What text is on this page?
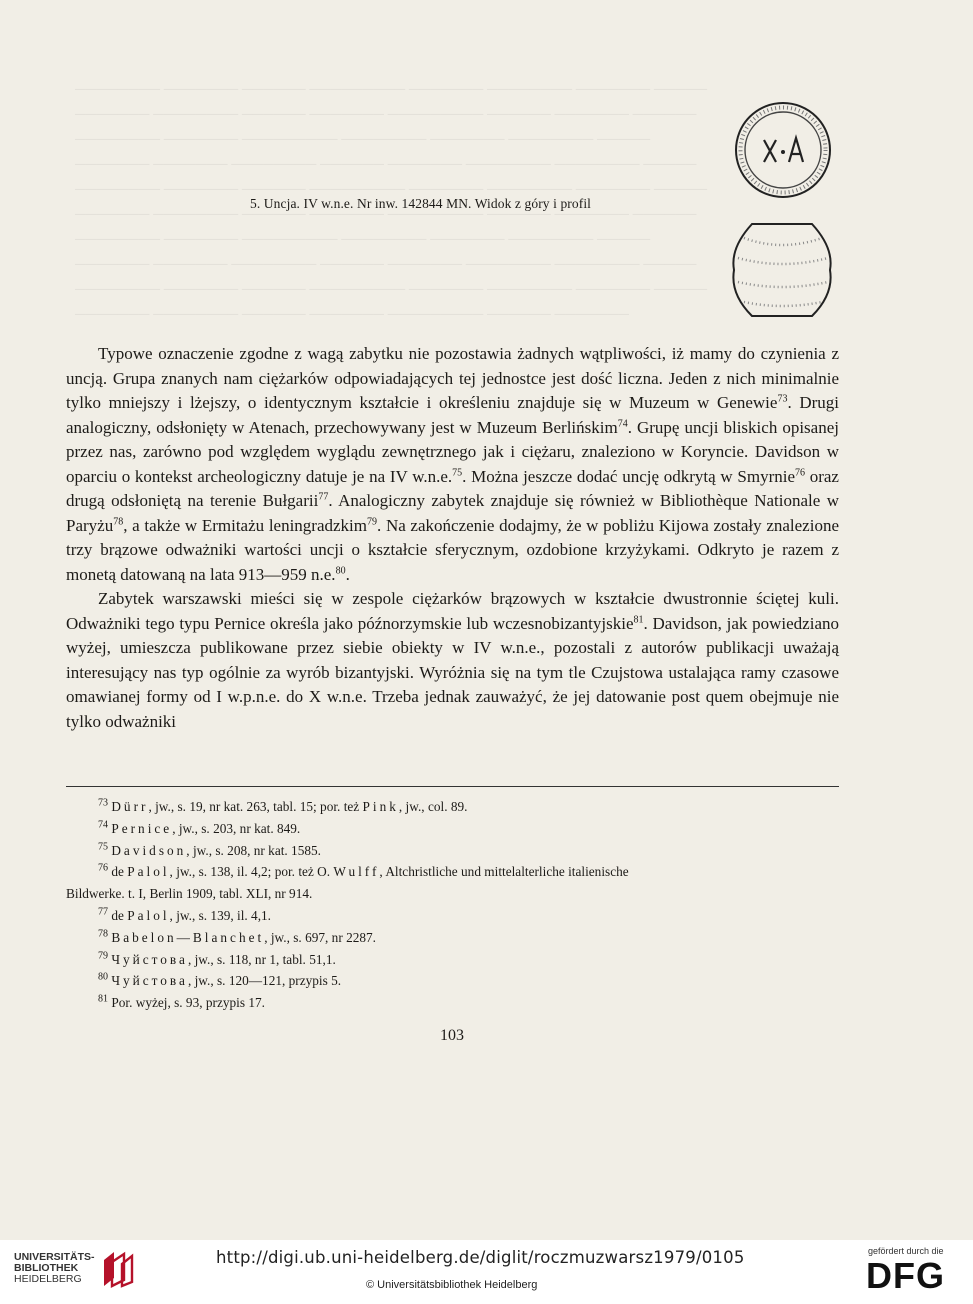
──────── ─────── ────── ───────── ─────── ──────── ─────── ─────
─────── ──────── ────── ─────── ───────── ────── ─────── ──────
──────── ─────── ───────── ──────── ─────── ──────── ─────
─────── ─────── ──────── ────── ─────── ──────── ──────── ─────
──────── ─────── ────── ───────── ─────── ──────── ─────── ─────
─────── ──────── ────── ─────── ───────── ────── ─────── ──────
──────── ─────── ───────── ──────── ─────── ──────── ─────
─────── ─────── ──────── ────── ─────── ──────── ──────── ─────
──────── ─────── ────── ───────── ─────── ──────── ─────── ─────
─────── ──────── ────── ─────── ───────── ────── ───────
5. Uncja. IV w.n.e. Nr inw. 142844 MN. Widok z góry i profil

Typowe oznaczenie zgodne z wagą zabytku nie pozostawia żadnych wątpliwości, iż mamy do czynienia z uncją. Grupa znanych nam ciężarków odpowiadających tej jednostce jest dość liczna. Jeden z nich minimalnie tylko mniejszy i lżejszy, o identycznym kształcie i określeniu znajduje się w Muzeum w Genewie$^{73}$. Drugi analogiczny, odsłonięty w Atenach, przechowywany jest w Muzeum Berlińskim$^{74}$. Grupę uncji bliskich opisanej przez nas, zarówno pod względem wyglądu zewnętrznego jak i ciężaru, znaleziono w Koryncie. Davidson w oparciu o kontekst archeologiczny datuje je na IV w.n.e.$^{75}$. Można jeszcze dodać uncję odkrytą w Smyrnie$^{76}$ oraz drugą odsłoniętą na terenie Bułgarii$^{77}$. Analogiczny zabytek znajduje się również w Bibliothèque Nationale w Paryżu$^{78}$, a także w Ermitażu leningradzkim$^{79}$. Na zakończenie dodajmy, że w pobliżu Kijowa zostały znalezione trzy brązowe odważniki wartości uncji o kształcie sferycznym, ozdobione krzyżykami. Odkryto je razem z monetą datowaną na lata 913—959 n.e.$^{80}$.

Zabytek warszawski mieści się w zespole ciężarków brązowych w kształcie dwustronnie ściętej kuli. Odważniki tego typu Pernice określa jako późnorzymskie lub wczesnobizantyjskie$^{81}$. Davidson, jak powiedziano wyżej, umieszcza publikowane przez siebie obiekty w IV w.n.e., pozostali z autorów publikacji uważają interesujący nas typ ogólnie za wyrób bizantyjski. Wyróżnia się na tym tle Czujstowa ustalająca ramy czasowe omawianej formy od I w.p.n.e. do X w.n.e. Trzeba jednak zauważyć, że jej datowanie post quem obejmuje nie tylko odważniki

$^{73}$ Dürr, jw., s. 19, nr kat. 263, tabl. 15; por. też Pink, jw., col. 89.
$^{74}$ Pernice, jw., s. 203, nr kat. 849.
$^{75}$ Davidson, jw., s. 208, nr kat. 1585.
$^{76}$ de Palol, jw., s. 138, il. 4,2; por. też O. Wulff, Altchristliche und mittelalterliche italienische
Bildwerke. t. I, Berlin 1909, tabl. XLI, nr 914.
$^{77}$ de Palol, jw., s. 139, il. 4,1.
$^{78}$ Babelon—Blanchet, jw., s. 697, nr 2287.
$^{79}$ Чуйстова, jw., s. 118, nr 1, tabl. 51,1.
$^{80}$ Чуйстова, jw., s. 120—121, przypis 5.
$^{81}$ Por. wyżej, s. 93, przypis 17.
103
UNIVERSITÄTS-
BIBLIOTHEK
HEIDELBERG
http://digi.ub.uni-heidelberg.de/diglit/roczmuzwarsz1979/0105
© Universitätsbibliothek Heidelberg
gefördert durch die
DFG
